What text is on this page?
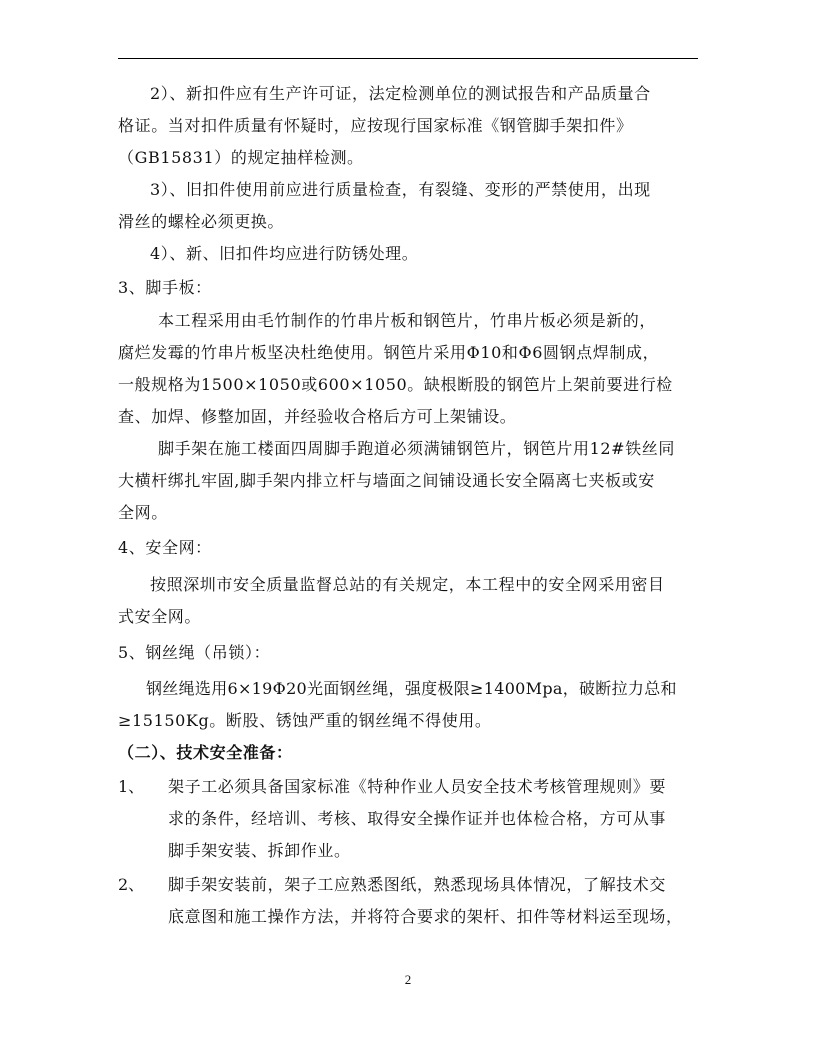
2）、新扣件应有生产许可证，法定检测单位的测试报告和产品质量合
格证。当对扣件质量有怀疑时，应按现行国家标准《钢管脚手架扣件》
（GB15831）的规定抽样检测。
3）、旧扣件使用前应进行质量检查，有裂缝、变形的严禁使用，出现
滑丝的螺栓必须更换。
4）、新、旧扣件均应进行防锈处理。
3、脚手板：
本工程采用由毛竹制作的竹串片板和钢笆片，竹串片板必须是新的，
腐烂发霉的竹串片板坚决杜绝使用。钢笆片采用Φ10和Φ6圆钢点焊制成，
一般规格为1500×1050或600×1050。缺根断股的钢笆片上架前要进行检
查、加焊、修整加固，并经验收合格后方可上架铺设。
脚手架在施工楼面四周脚手跑道必须满铺钢笆片，钢笆片用12#铁丝同
大横杆绑扎牢固,脚手架内排立杆与墙面之间铺设通长安全隔离七夹板或安
全网。
4、安全网：
按照深圳市安全质量监督总站的有关规定，本工程中的安全网采用密目
式安全网。
5、钢丝绳（吊锁）：
钢丝绳选用6×19Φ20光面钢丝绳，强度极限≥1400Mpa，破断拉力总和
≥15150Kg。断股、锈蚀严重的钢丝绳不得使用。
（二）、技术安全准备：
1、 架子工必须具备国家标准《特种作业人员安全技术考核管理规则》要
求的条件，经培训、考核、取得安全操作证并也体检合格，方可从事
脚手架安装、拆卸作业。
2、 脚手架安装前，架子工应熟悉图纸，熟悉现场具体情况，了解技术交
底意图和施工操作方法，并将符合要求的架杆、扣件等材料运至现场，
2
